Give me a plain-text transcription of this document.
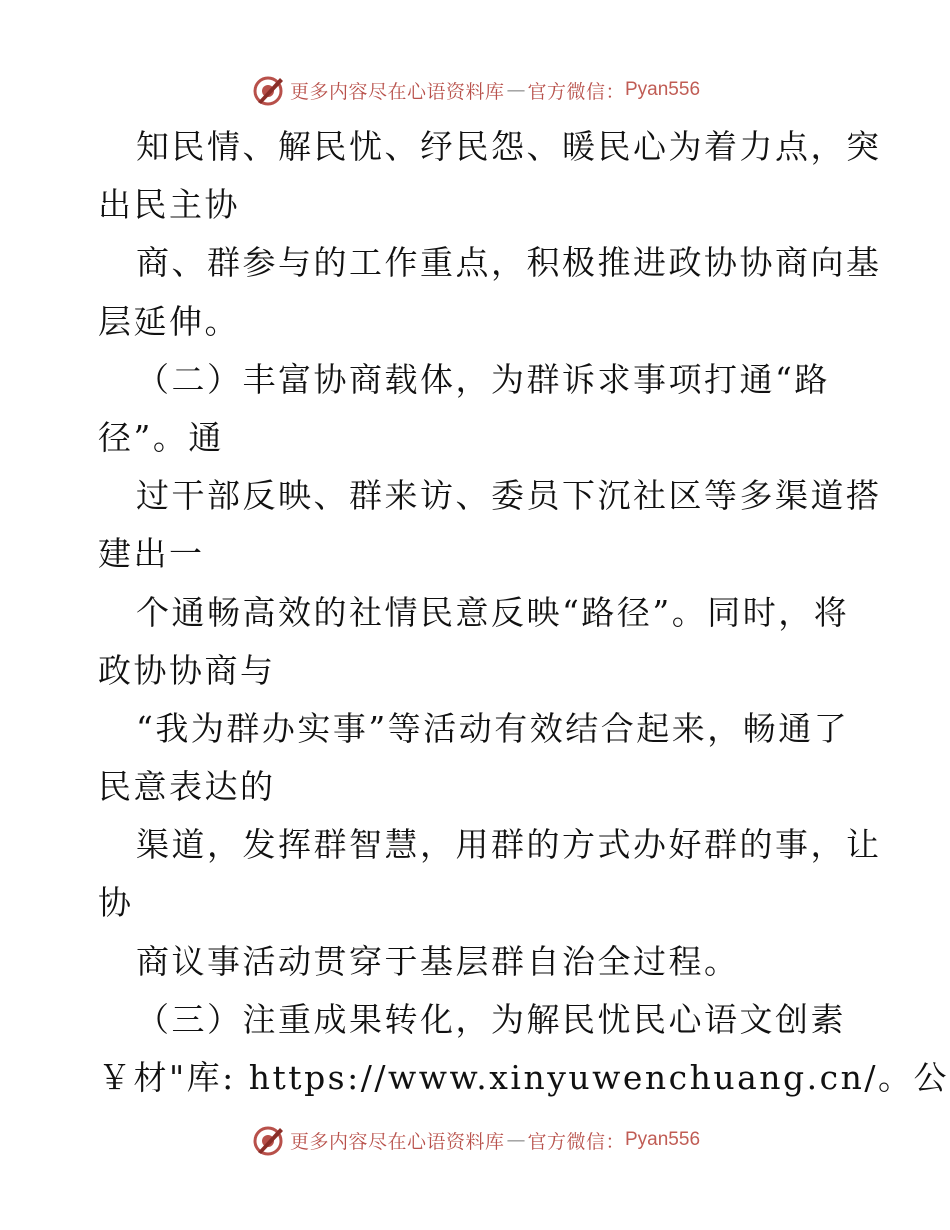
更多内容尽在心语资料库 — 官方微信： Pyan556
知民情、解民忧、纾民怨、暖民心为着力点，突
出民主协
商、群参与的工作重点，积极推进政协协商向基
层延伸。
（二）丰富协商载体，为群诉求事项打通“路
径”。通
过干部反映、群来访、委员下沉社区等多渠道搭
建出一
个通畅高效的社情民意反映“路径”。同时，将
政协协商与
“我为群办实事”等活动有效结合起来，畅通了
民意表达的
渠道，发挥群智慧，用群的方式办好群的事，让
协
商议事活动贯穿于基层群自治全过程。
（三）注重成果转化，为解民忧民心语文创素
￥材"库: https://www.xinyuwenchuang.cn/。公
更多内容尽在心语资料库 — 官方微信： Pyan556
